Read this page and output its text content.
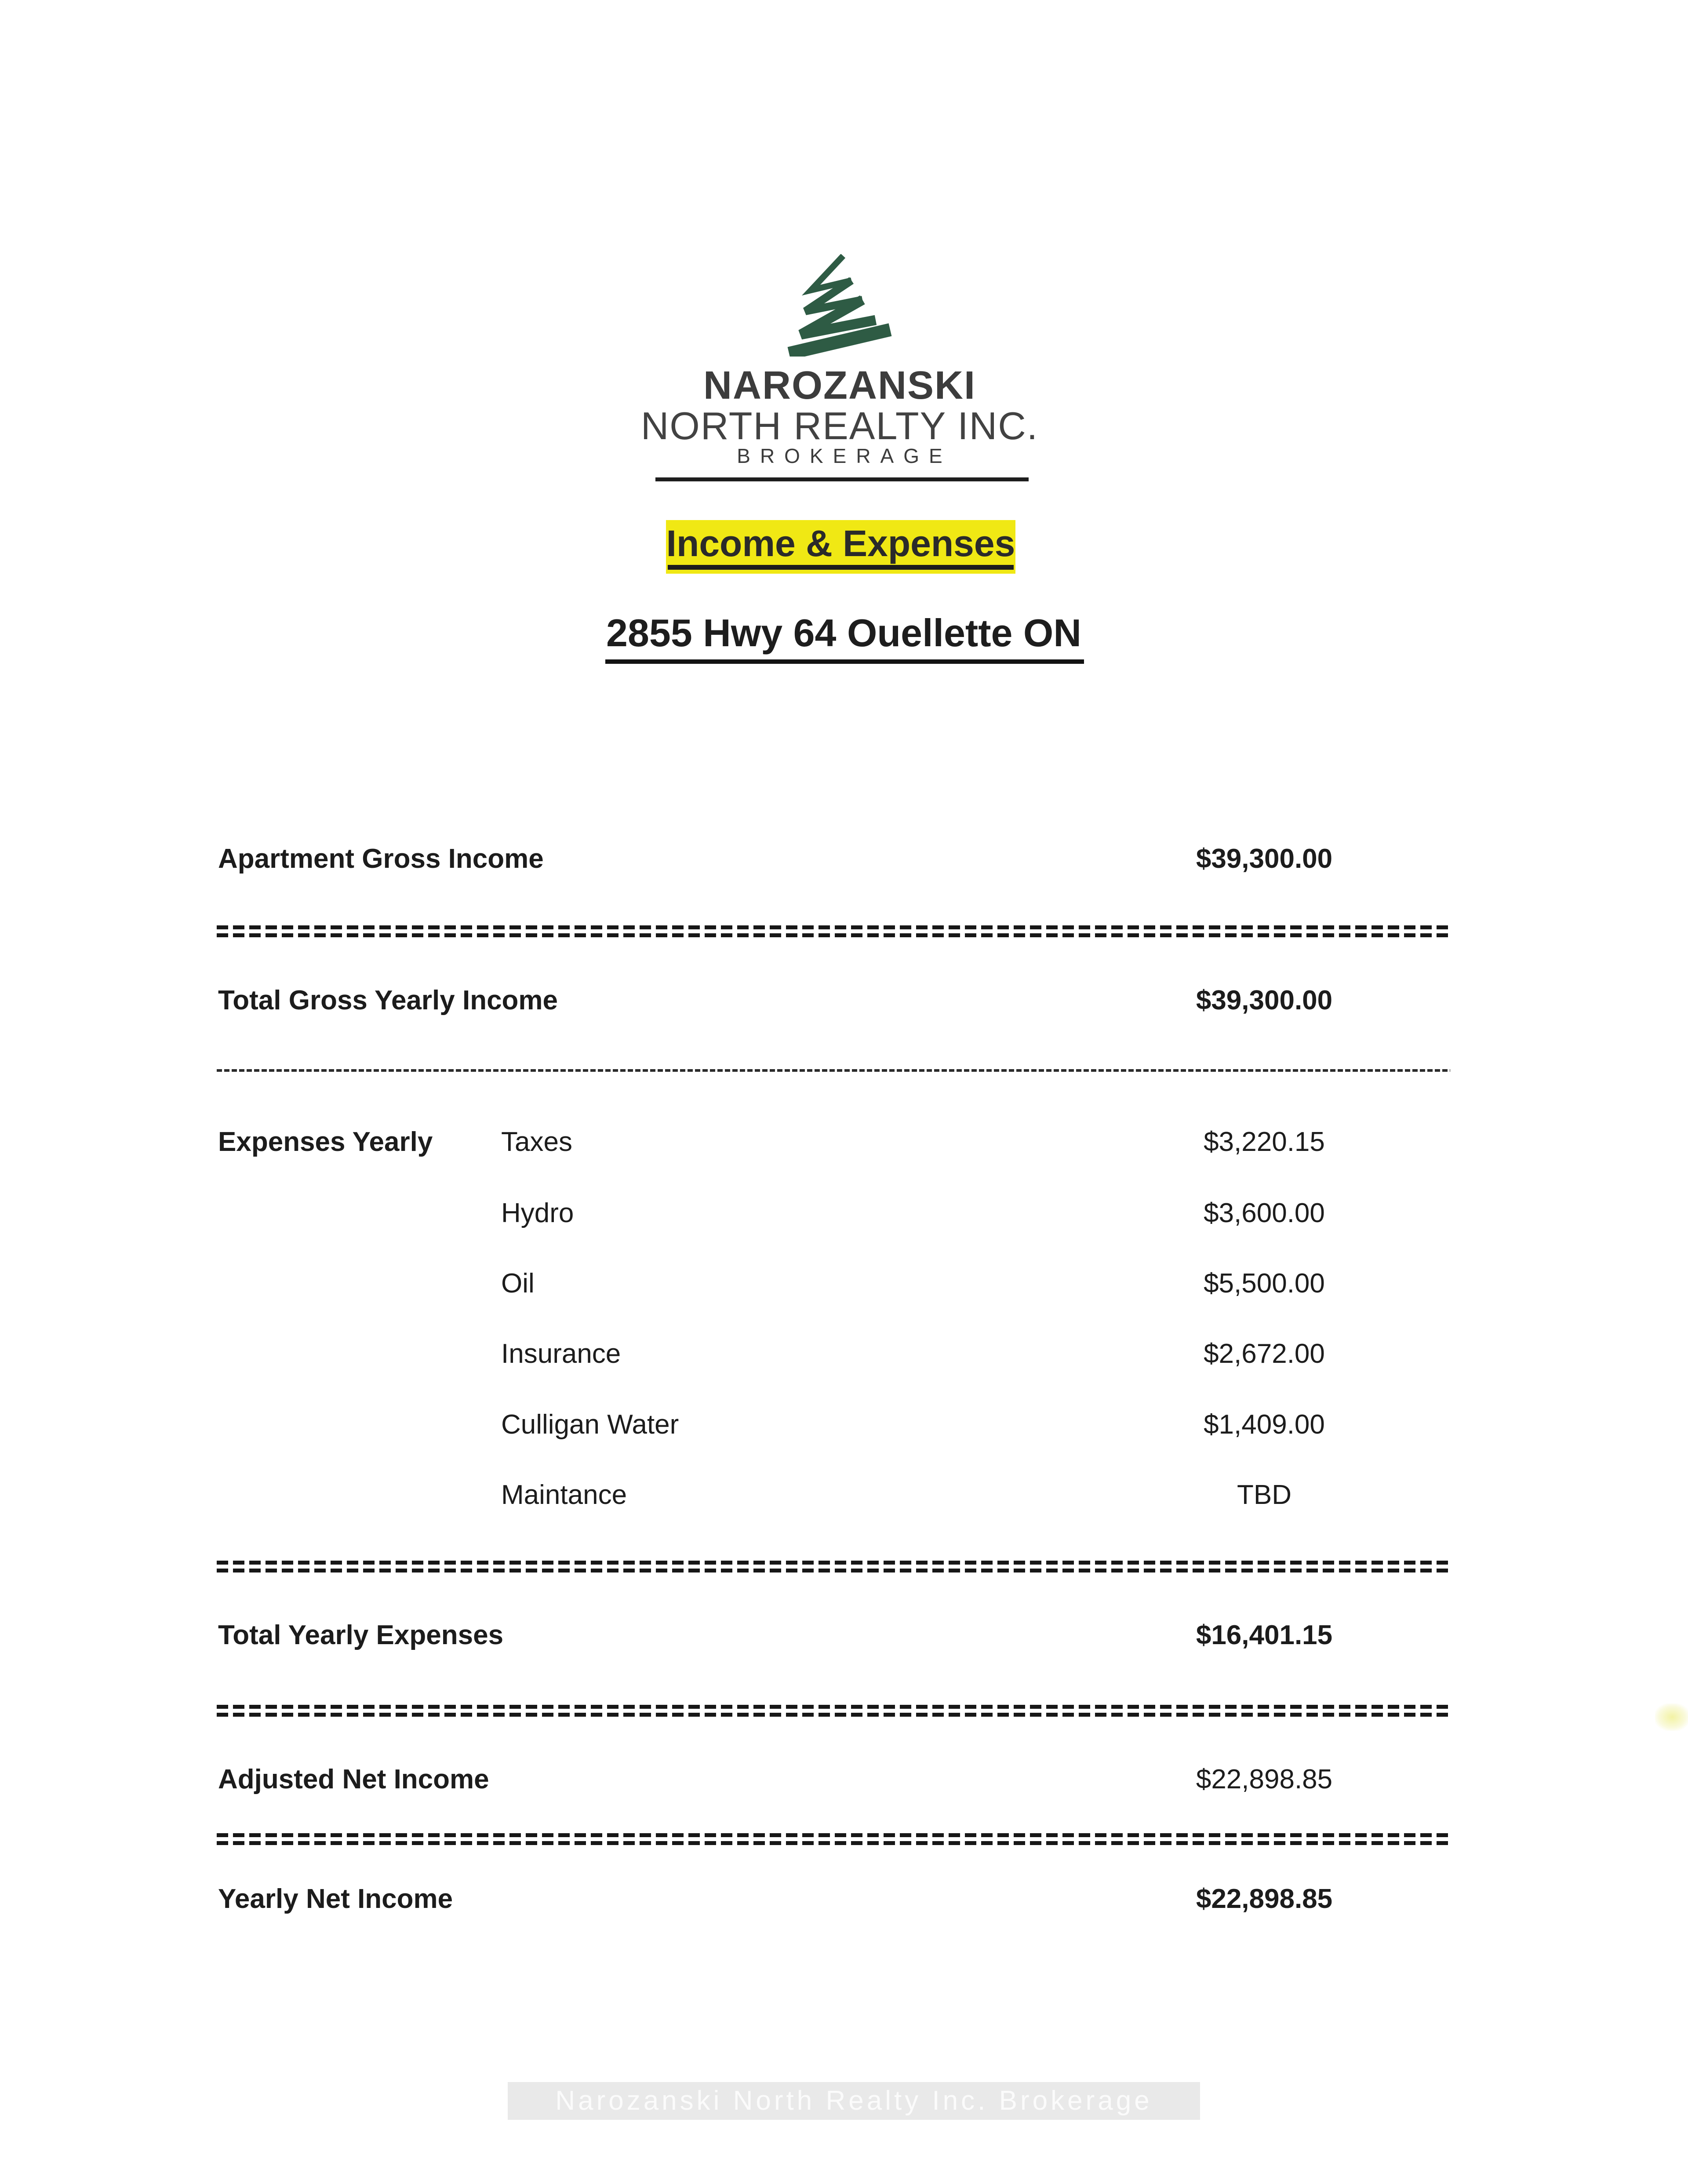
NAROZANSKI
NORTH REALTY INC.
BROKERAGE
Income & Expenses
2855 Hwy 64 Ouellette ON
Apartment Gross Income	$39,300.00
Total Gross Yearly Income	$39,300.00
Expenses Yearly	Taxes	$3,220.15
Hydro	$3,600.00
Oil	$5,500.00
Insurance	$2,672.00
Culligan Water	$1,409.00
Maintance	TBD
Total Yearly Expenses	$16,401.15
Adjusted Net Income	$22,898.85
Yearly Net Income	$22,898.85
Narozanski North Realty Inc. Brokerage
